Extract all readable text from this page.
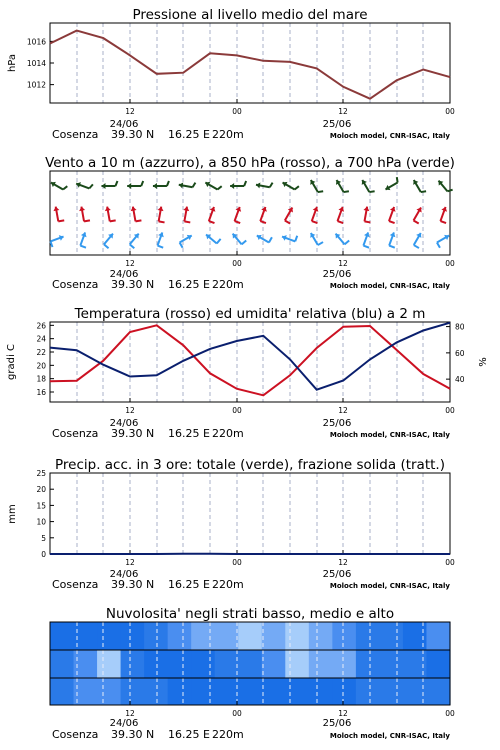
Pressione al livello medio del mare
hPa
1016
1014
1012
12	00	12	00
24/06	25/06
Cosenza 39.30 N 16.25 E 220m	Moloch model, CNR-ISAC, Italy
Vento a 10 m (azzurro), a 850 hPa (rosso), a 700 hPa (verde)
12	00	12	00
24/06	25/06
Cosenza 39.30 N 16.25 E 220m	Moloch model, CNR-ISAC, Italy
Temperatura (rosso) ed umidita' relativa (blu) a 2 m
gradi C	%
26
24
22
20
18
16
80
60
40
12	00	12	00
24/06	25/06
Cosenza 39.30 N 16.25 E 220m	Moloch model, CNR-ISAC, Italy
Precip. acc. in 3 ore: totale (verde), frazione solida (tratt.)
mm
25
20
15
10
5
0
12	00	12	00
24/06	25/06
Cosenza 39.30 N 16.25 E 220m	Moloch model, CNR-ISAC, Italy
Nuvolosita' negli strati basso, medio e alto
12	00	12	00
24/06	25/06
Cosenza 39.30 N 16.25 E 220m	Moloch model, CNR-ISAC, Italy
